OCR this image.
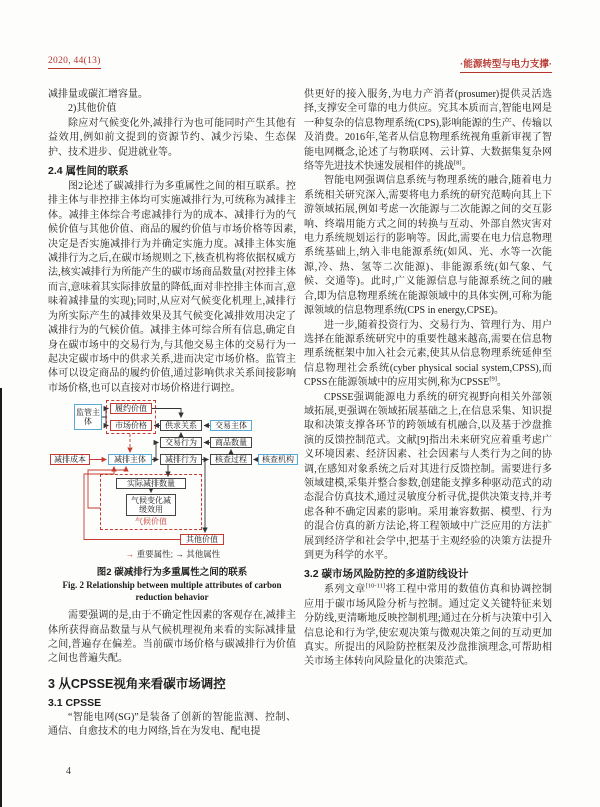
2020, 44(13)	·能源转型与电力支撑·

减排量或碳汇增容量。

2)其他价值

除应对气候变化外,减排行为也可能同时产生其他有益效用,例如前文提到的资源节约、减少污染、生态保护、技术进步、促进就业等。

2.4 属性间的联系

图2论述了碳减排行为多重属性之间的相互联系。控排主体与非控排主体均可实施减排行为,可统称为减排主体。减排主体综合考虑减排行为的成本、减排行为的气候价值与其他价值、商品的履约价值与市场价格等因素,决定是否实施减排行为并确定实施力度。减排主体实施减排行为之后,在碳市场规则之下,核查机构将依据权威方法,核实减排行为所能产生的碳市场商品数量(对控排主体而言,意味着其实际排放量的降低,面对非控排主体而言,意味着减排量的实现);同时,从应对气候变化机理上,减排行为所实际产生的减排效果及其气候变化减排效用决定了减排行为的气候价值。减排主体可综合所有信息,确定自身在碳市场中的交易行为,与其他交易主体的交易行为一起决定碳市场中的供求关系,进而决定市场价格。监管主体可以设定商品的履约价值,通过影响供求关系间接影响市场价格,也可以直接对市场价格进行调控。

监管主体
履约价值
市场价格	供求关系	交易主体
交易行为	商品数量
减排成本	减排主体	减排行为	核查过程	核查机构
实际减排数量
气候变化减缓效用
气候价值
其他价值
→ 重要属性; → 其他属性
图2 碳减排行为多重属性之间的联系
Fig. 2 Relationship between multiple attributes of carbon
reduction behavior

需要强调的是,由于不确定性因素的客观存在,减排主体所获得商品数量与从气候机理视角来看的实际减排量之间,普遍存在偏差。当前碳市场价格与碳减排行为价值之间也普遍失配。

3 从CPSSE视角来看碳市场调控
3.1 CPSSE

“智能电网(SG)”是装备了创新的智能监测、控制、通信、自愈技术的电力网络,旨在为发电、配电提

供更好的接入服务,为电力产消者(prosumer)提供灵活选择,支撑安全可靠的电力供应。究其本质而言,智能电网是一种复杂的信息物理系统(CPS),影响能源的生产、传输以及消费。2016年,笔者从信息物理系统视角重新审视了智能电网概念,论述了与物联网、云计算、大数据集复杂网络等先进技术快速发展相伴的挑战[8]。

智能电网强调信息系统与物理系统的融合,随着电力系统相关研究深入,需要将电力系统的研究范畴向其上下游领域拓展,例如考虑一次能源与二次能源之间的交互影响、终端用能方式之间的转换与互动、外部自然灾害对电力系统规划运行的影响等。因此,需要在电力信息物理系统基础上,纳入非电能源系统(如风、光、水等一次能源,冷、热、氢等二次能源)、非能源系统(如气象、气候、交通等)。此时,广义能源信息与能源系统之间的融合,即为信息物理系统在能源领域中的具体实例,可称为能源领域的信息物理系统(CPS in energy,CPSE)。

进一步,随着投资行为、交易行为、管理行为、用户选择在能源系统研究中的重要性越来越高,需要在信息物理系统框架中加入社会元素,使其从信息物理系统延伸至信息物理社会系统(cyber physical social system,CPSS),而CPSS在能源领域中的应用实例,称为CPSSE[9]。

CPSSE强调能源电力系统的研究视野向相关外部领域拓展,更强调在领域拓展基础之上,在信息采集、知识提取和决策支撑各环节的跨领域有机融合,以及基于沙盘推演的反馈控制范式。文献[9]指出未来研究应着重考虑广义环境因素、经济因素、社会因素与人类行为之间的协调,在感知对象系统之后对其进行反馈控制。需要进行多领域建模,采集并整合参数,创建能支撑多种驱动范式的动态混合仿真技术,通过灵敏度分析寻优,提供决策支持,并考虑各种不确定因素的影响。采用兼容数据、模型、行为的混合仿真的新方法论,将工程领域中广泛应用的方法扩展到经济学和社会学中,把基于主观经验的决策方法提升到更为科学的水平。

3.2 碳市场风险防控的多道防线设计

系列文章[10-11]将工程中常用的数值仿真和协调控制应用于碳市场风险分析与控制。通过定义关键特征来划分防线,更清晰地反映控制机理;通过在分析与决策中引入信息论和行为学,使宏观决策与微观决策之间的互动更加真实。所提出的风险防控框架及沙盘推演理念,可帮助相关市场主体转向风险量化的决策范式。

4
